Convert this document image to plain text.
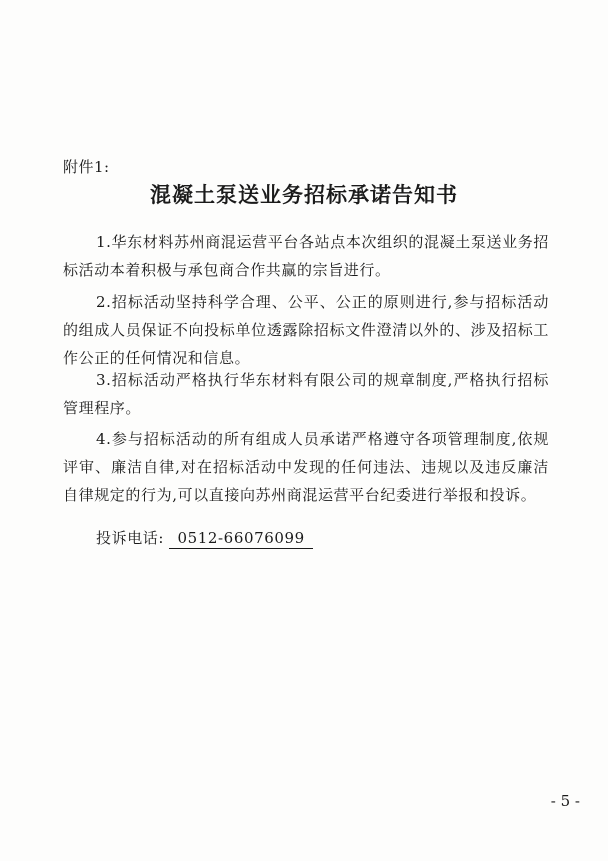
附件1:
混凝土泵送业务招标承诺告知书

1.华东材料苏州商混运营平台各站点本次组织的混凝土泵送业务招标活动本着积极与承包商合作共赢的宗旨进行。

2.招标活动坚持科学合理、公平、公正的原则进行,参与招标活动的组成人员保证不向投标单位透露除招标文件澄清以外的、涉及招标工作公正的任何情况和信息。

3.招标活动严格执行华东材料有限公司的规章制度,严格执行招标管理程序。

4.参与招标活动的所有组成人员承诺严格遵守各项管理制度,依规评审、廉洁自律,对在招标活动中发现的任何违法、违规以及违反廉洁自律规定的行为,可以直接向苏州商混运营平台纪委进行举报和投诉。

投诉电话: 0512-66076099
- 5 -
